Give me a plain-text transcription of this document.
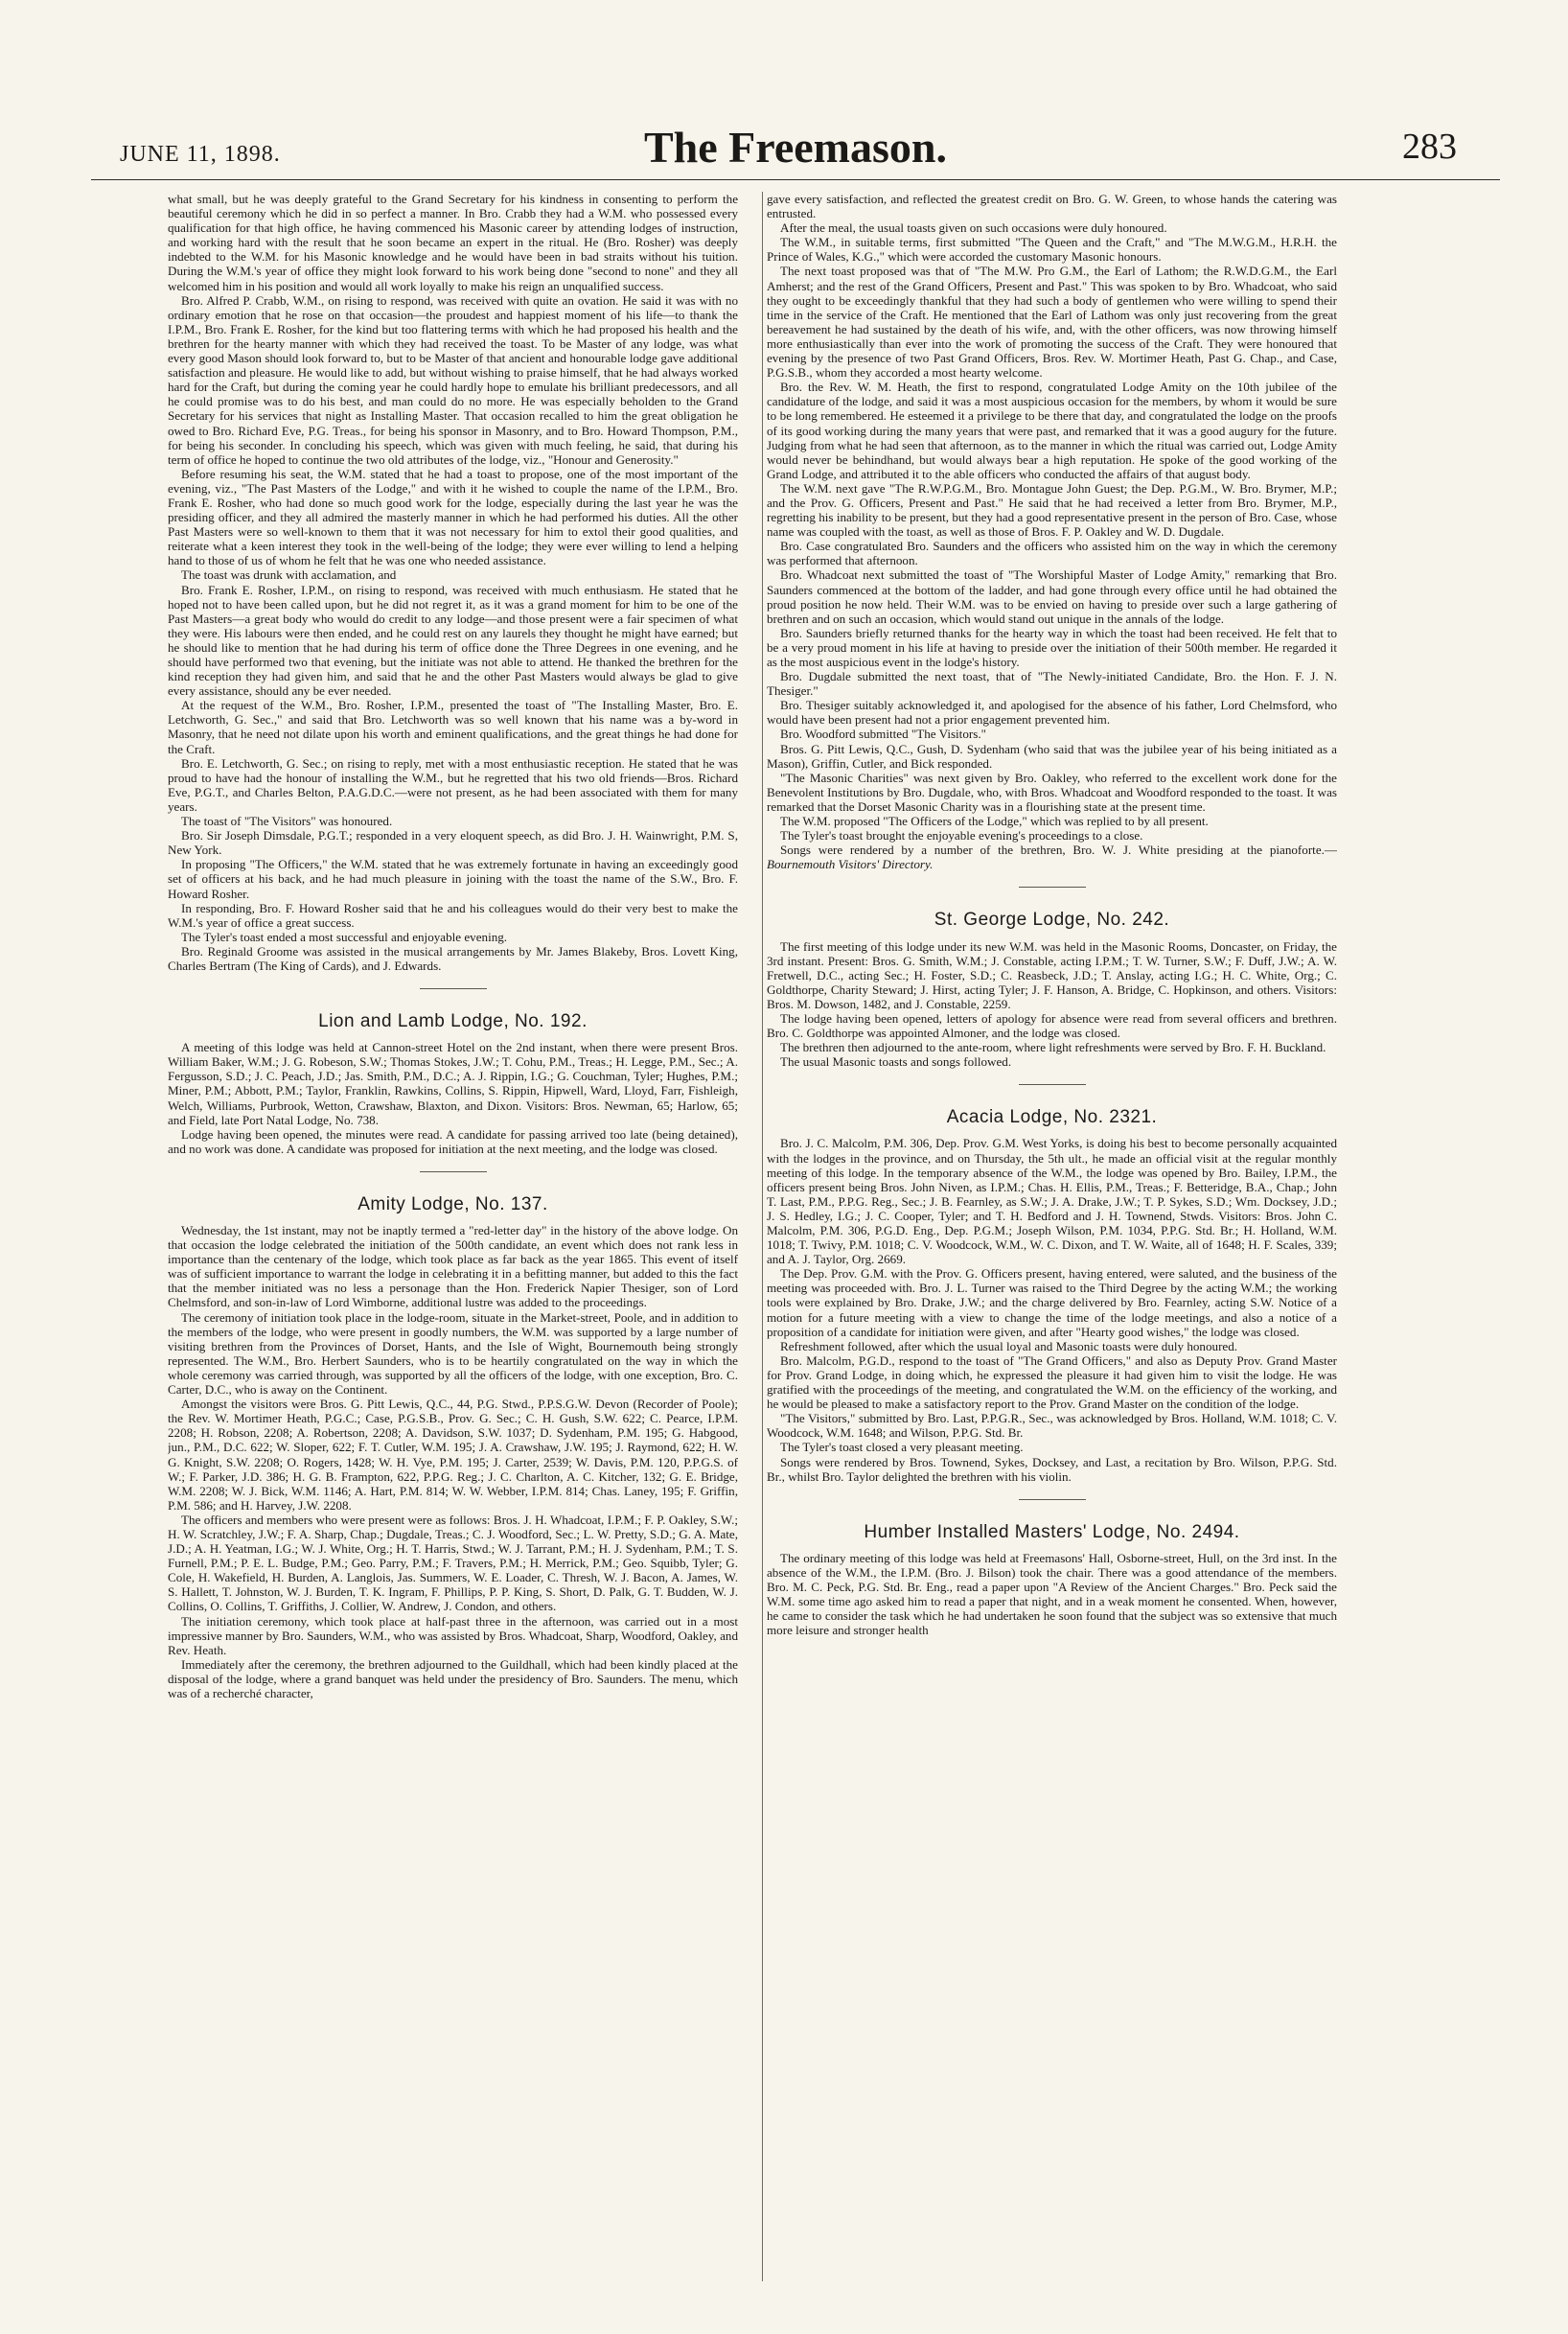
JUNE 11, 1898.	The Freemason.	283

what small, but he was deeply grateful to the Grand Secretary for his kindness in consenting to perform the beautiful ceremony which he did in so perfect a manner. In Bro. Crabb they had a W.M. who possessed every qualification for that high office, he having commenced his Masonic career by attending lodges of instruction, and working hard with the result that he soon became an expert in the ritual. He (Bro. Rosher) was deeply indebted to the W.M. for his Masonic knowledge and he would have been in bad straits without his tuition. During the W.M.'s year of office they might look forward to his work being done "second to none" and they all welcomed him in his position and would all work loyally to make his reign an unqualified success.

Bro. Alfred P. Crabb, W.M., on rising to respond, was received with quite an ovation. He said it was with no ordinary emotion that he rose on that occasion—the proudest and happiest moment of his life—to thank the I.P.M., Bro. Frank E. Rosher, for the kind but too flattering terms with which he had proposed his health and the brethren for the hearty manner with which they had received the toast. To be Master of any lodge, was what every good Mason should look forward to, but to be Master of that ancient and honourable lodge gave additional satisfaction and pleasure. He would like to add, but without wishing to praise himself, that he had always worked hard for the Craft, but during the coming year he could hardly hope to emulate his brilliant predecessors, and all he could promise was to do his best, and man could do no more. He was especially beholden to the Grand Secretary for his services that night as Installing Master. That occasion recalled to him the great obligation he owed to Bro. Richard Eve, P.G. Treas., for being his sponsor in Masonry, and to Bro. Howard Thompson, P.M., for being his seconder. In concluding his speech, which was given with much feeling, he said, that during his term of office he hoped to continue the two old attributes of the lodge, viz., "Honour and Generosity."

Before resuming his seat, the W.M. stated that he had a toast to propose, one of the most important of the evening, viz., "The Past Masters of the Lodge," and with it he wished to couple the name of the I.P.M., Bro. Frank E. Rosher, who had done so much good work for the lodge, especially during the last year he was the presiding officer, and they all admired the masterly manner in which he had performed his duties. All the other Past Masters were so well-known to them that it was not necessary for him to extol their good qualities, and reiterate what a keen interest they took in the well-being of the lodge; they were ever willing to lend a helping hand to those of us of whom he felt that he was one who needed assistance.

The toast was drunk with acclamation, and

Bro. Frank E. Rosher, I.P.M., on rising to respond, was received with much enthusiasm. He stated that he hoped not to have been called upon, but he did not regret it, as it was a grand moment for him to be one of the Past Masters—a great body who would do credit to any lodge—and those present were a fair specimen of what they were. His labours were then ended, and he could rest on any laurels they thought he might have earned; but he should like to mention that he had during his term of office done the Three Degrees in one evening, and he should have performed two that evening, but the initiate was not able to attend. He thanked the brethren for the kind reception they had given him, and said that he and the other Past Masters would always be glad to give every assistance, should any be ever needed.

At the request of the W.M., Bro. Rosher, I.P.M., presented the toast of "The Installing Master, Bro. E. Letchworth, G. Sec.," and said that Bro. Letchworth was so well known that his name was a by-word in Masonry, that he need not dilate upon his worth and eminent qualifications, and the great things he had done for the Craft.

Bro. E. Letchworth, G. Sec.; on rising to reply, met with a most enthusiastic reception. He stated that he was proud to have had the honour of installing the W.M., but he regretted that his two old friends—Bros. Richard Eve, P.G.T., and Charles Belton, P.A.G.D.C.—were not present, as he had been associated with them for many years.

The toast of "The Visitors" was honoured.

Bro. Sir Joseph Dimsdale, P.G.T.; responded in a very eloquent speech, as did Bro. J. H. Wainwright, P.M. S, New York.

In proposing "The Officers," the W.M. stated that he was extremely fortunate in having an exceedingly good set of officers at his back, and he had much pleasure in joining with the toast the name of the S.W., Bro. F. Howard Rosher.

In responding, Bro. F. Howard Rosher said that he and his colleagues would do their very best to make the W.M.'s year of office a great success.

The Tyler's toast ended a most successful and enjoyable evening.

Bro. Reginald Groome was assisted in the musical arrangements by Mr. James Blakeby, Bros. Lovett King, Charles Bertram (The King of Cards), and J. Edwards.

Lion and Lamb Lodge, No. 192.

A meeting of this lodge was held at Cannon-street Hotel on the 2nd instant, when there were present Bros. William Baker, W.M.; J. G. Robeson, S.W.; Thomas Stokes, J.W.; T. Cohu, P.M., Treas.; H. Legge, P.M., Sec.; A. Fergusson, S.D.; J. C. Peach, J.D.; Jas. Smith, P.M., D.C.; A. J. Rippin, I.G.; G. Couchman, Tyler; Hughes, P.M.; Miner, P.M.; Abbott, P.M.; Taylor, Franklin, Rawkins, Collins, S. Rippin, Hipwell, Ward, Lloyd, Farr, Fishleigh, Welch, Williams, Purbrook, Wetton, Crawshaw, Blaxton, and Dixon. Visitors: Bros. Newman, 65; Harlow, 65; and Field, late Port Natal Lodge, No. 738.

Lodge having been opened, the minutes were read. A candidate for passing arrived too late (being detained), and no work was done. A candidate was proposed for initiation at the next meeting, and the lodge was closed.

Amity Lodge, No. 137.

Wednesday, the 1st instant, may not be inaptly termed a "red-letter day" in the history of the above lodge. On that occasion the lodge celebrated the initiation of the 500th candidate, an event which does not rank less in importance than the centenary of the lodge, which took place as far back as the year 1865. This event of itself was of sufficient importance to warrant the lodge in celebrating it in a befitting manner, but added to this the fact that the member initiated was no less a personage than the Hon. Frederick Napier Thesiger, son of Lord Chelmsford, and son-in-law of Lord Wimborne, additional lustre was added to the proceedings.

The ceremony of initiation took place in the lodge-room, situate in the Market-street, Poole, and in addition to the members of the lodge, who were present in goodly numbers, the W.M. was supported by a large number of visiting brethren from the Provinces of Dorset, Hants, and the Isle of Wight, Bournemouth being strongly represented. The W.M., Bro. Herbert Saunders, who is to be heartily congratulated on the way in which the whole ceremony was carried through, was supported by all the officers of the lodge, with one exception, Bro. C. Carter, D.C., who is away on the Continent.

Amongst the visitors were Bros. G. Pitt Lewis, Q.C., 44, P.G. Stwd., P.P.S.G.W. Devon (Recorder of Poole); the Rev. W. Mortimer Heath, P.G.C.; Case, P.G.S.B., Prov. G. Sec.; C. H. Gush, S.W. 622; C. Pearce, I.P.M. 2208; H. Robson, 2208; A. Robertson, 2208; A. Davidson, S.W. 1037; D. Sydenham, P.M. 195; G. Habgood, jun., P.M., D.C. 622; W. Sloper, 622; F. T. Cutler, W.M. 195; J. A. Crawshaw, J.W. 195; J. Raymond, 622; H. W. G. Knight, S.W. 2208; O. Rogers, 1428; W. H. Vye, P.M. 195; J. Carter, 2539; W. Davis, P.M. 120, P.P.G.S. of W.; F. Parker, J.D. 386; H. G. B. Frampton, 622, P.P.G. Reg.; J. C. Charlton, A. C. Kitcher, 132; G. E. Bridge, W.M. 2208; W. J. Bick, W.M. 1146; A. Hart, P.M. 814; W. W. Webber, I.P.M. 814; Chas. Laney, 195; F. Griffin, P.M. 586; and H. Harvey, J.W. 2208.

The officers and members who were present were as follows: Bros. J. H. Whadcoat, I.P.M.; F. P. Oakley, S.W.; H. W. Scratchley, J.W.; F. A. Sharp, Chap.; Dugdale, Treas.; C. J. Woodford, Sec.; L. W. Pretty, S.D.; G. A. Mate, J.D.; A. H. Yeatman, I.G.; W. J. White, Org.; H. T. Harris, Stwd.; W. J. Tarrant, P.M.; H. J. Sydenham, P.M.; T. S. Furnell, P.M.; P. E. L. Budge, P.M.; Geo. Parry, P.M.; F. Travers, P.M.; H. Merrick, P.M.; Geo. Squibb, Tyler; G. Cole, H. Wakefield, H. Burden, A. Langlois, Jas. Summers, W. E. Loader, C. Thresh, W. J. Bacon, A. James, W. S. Hallett, T. Johnston, W. J. Burden, T. K. Ingram, F. Phillips, P. P. King, S. Short, D. Palk, G. T. Budden, W. J. Collins, O. Collins, T. Griffiths, J. Collier, W. Andrew, J. Condon, and others.

The initiation ceremony, which took place at half-past three in the afternoon, was carried out in a most impressive manner by Bro. Saunders, W.M., who was assisted by Bros. Whadcoat, Sharp, Woodford, Oakley, and Rev. Heath.

Immediately after the ceremony, the brethren adjourned to the Guildhall, which had been kindly placed at the disposal of the lodge, where a grand banquet was held under the presidency of Bro. Saunders. The menu, which was of a recherché character,

gave every satisfaction, and reflected the greatest credit on Bro. G. W. Green, to whose hands the catering was entrusted.

After the meal, the usual toasts given on such occasions were duly honoured.

The W.M., in suitable terms, first submitted "The Queen and the Craft," and "The M.W.G.M., H.R.H. the Prince of Wales, K.G.," which were accorded the customary Masonic honours.

The next toast proposed was that of "The M.W. Pro G.M., the Earl of Lathom; the R.W.D.G.M., the Earl Amherst; and the rest of the Grand Officers, Present and Past." This was spoken to by Bro. Whadcoat, who said they ought to be exceedingly thankful that they had such a body of gentlemen who were willing to spend their time in the service of the Craft. He mentioned that the Earl of Lathom was only just recovering from the great bereavement he had sustained by the death of his wife, and, with the other officers, was now throwing himself more enthusiastically than ever into the work of promoting the success of the Craft. They were honoured that evening by the presence of two Past Grand Officers, Bros. Rev. W. Mortimer Heath, Past G. Chap., and Case, P.G.S.B., whom they accorded a most hearty welcome.

Bro. the Rev. W. M. Heath, the first to respond, congratulated Lodge Amity on the 10th jubilee of the candidature of the lodge, and said it was a most auspicious occasion for the members, by whom it would be sure to be long remembered. He esteemed it a privilege to be there that day, and congratulated the lodge on the proofs of its good working during the many years that were past, and remarked that it was a good augury for the future. Judging from what he had seen that afternoon, as to the manner in which the ritual was carried out, Lodge Amity would never be behindhand, but would always bear a high reputation. He spoke of the good working of the Grand Lodge, and attributed it to the able officers who conducted the affairs of that august body.

The W.M. next gave "The R.W.P.G.M., Bro. Montague John Guest; the Dep. P.G.M., W. Bro. Brymer, M.P.; and the Prov. G. Officers, Present and Past." He said that he had received a letter from Bro. Brymer, M.P., regretting his inability to be present, but they had a good representative present in the person of Bro. Case, whose name was coupled with the toast, as well as those of Bros. F. P. Oakley and W. D. Dugdale.

Bro. Case congratulated Bro. Saunders and the officers who assisted him on the way in which the ceremony was performed that afternoon.

Bro. Whadcoat next submitted the toast of "The Worshipful Master of Lodge Amity," remarking that Bro. Saunders commenced at the bottom of the ladder, and had gone through every office until he had obtained the proud position he now held. Their W.M. was to be envied on having to preside over such a large gathering of brethren and on such an occasion, which would stand out unique in the annals of the lodge.

Bro. Saunders briefly returned thanks for the hearty way in which the toast had been received. He felt that to be a very proud moment in his life at having to preside over the initiation of their 500th member. He regarded it as the most auspicious event in the lodge's history.

Bro. Dugdale submitted the next toast, that of "The Newly-initiated Candidate, Bro. the Hon. F. J. N. Thesiger."

Bro. Thesiger suitably acknowledged it, and apologised for the absence of his father, Lord Chelmsford, who would have been present had not a prior engagement prevented him.

Bro. Woodford submitted "The Visitors."

Bros. G. Pitt Lewis, Q.C., Gush, D. Sydenham (who said that was the jubilee year of his being initiated as a Mason), Griffin, Cutler, and Bick responded.

"The Masonic Charities" was next given by Bro. Oakley, who referred to the excellent work done for the Benevolent Institutions by Bro. Dugdale, who, with Bros. Whadcoat and Woodford responded to the toast. It was remarked that the Dorset Masonic Charity was in a flourishing state at the present time.

The W.M. proposed "The Officers of the Lodge," which was replied to by all present.

The Tyler's toast brought the enjoyable evening's proceedings to a close.

Songs were rendered by a number of the brethren, Bro. W. J. White presiding at the pianoforte.—Bournemouth Visitors' Directory.

St. George Lodge, No. 242.

The first meeting of this lodge under its new W.M. was held in the Masonic Rooms, Doncaster, on Friday, the 3rd instant. Present: Bros. G. Smith, W.M.; J. Constable, acting I.P.M.; T. W. Turner, S.W.; F. Duff, J.W.; A. W. Fretwell, D.C., acting Sec.; H. Foster, S.D.; C. Reasbeck, J.D.; T. Anslay, acting I.G.; H. C. White, Org.; C. Goldthorpe, Charity Steward; J. Hirst, acting Tyler; J. F. Hanson, A. Bridge, C. Hopkinson, and others. Visitors: Bros. M. Dowson, 1482, and J. Constable, 2259.

The lodge having been opened, letters of apology for absence were read from several officers and brethren. Bro. C. Goldthorpe was appointed Almoner, and the lodge was closed.

The brethren then adjourned to the ante-room, where light refreshments were served by Bro. F. H. Buckland.

The usual Masonic toasts and songs followed.

Acacia Lodge, No. 2321.

Bro. J. C. Malcolm, P.M. 306, Dep. Prov. G.M. West Yorks, is doing his best to become personally acquainted with the lodges in the province, and on Thursday, the 5th ult., he made an official visit at the regular monthly meeting of this lodge. In the temporary absence of the W.M., the lodge was opened by Bro. Bailey, I.P.M., the officers present being Bros. John Niven, as I.P.M.; Chas. H. Ellis, P.M., Treas.; F. Betteridge, B.A., Chap.; John T. Last, P.M., P.P.G. Reg., Sec.; J. B. Fearnley, as S.W.; J. A. Drake, J.W.; T. P. Sykes, S.D.; Wm. Docksey, J.D.; J. S. Hedley, I.G.; J. C. Cooper, Tyler; and T. H. Bedford and J. H. Townend, Stwds. Visitors: Bros. John C. Malcolm, P.M. 306, P.G.D. Eng., Dep. P.G.M.; Joseph Wilson, P.M. 1034, P.P.G. Std. Br.; H. Holland, W.M. 1018; T. Twivy, P.M. 1018; C. V. Woodcock, W.M., W. C. Dixon, and T. W. Waite, all of 1648; H. F. Scales, 339; and A. J. Taylor, Org. 2669.

The Dep. Prov. G.M. with the Prov. G. Officers present, having entered, were saluted, and the business of the meeting was proceeded with. Bro. J. L. Turner was raised to the Third Degree by the acting W.M.; the working tools were explained by Bro. Drake, J.W.; and the charge delivered by Bro. Fearnley, acting S.W. Notice of a motion for a future meeting with a view to change the time of the lodge meetings, and also a notice of a proposition of a candidate for initiation were given, and after "Hearty good wishes," the lodge was closed.

Refreshment followed, after which the usual loyal and Masonic toasts were duly honoured.

Bro. Malcolm, P.G.D., respond to the toast of "The Grand Officers," and also as Deputy Prov. Grand Master for Prov. Grand Lodge, in doing which, he expressed the pleasure it had given him to visit the lodge. He was gratified with the proceedings of the meeting, and congratulated the W.M. on the efficiency of the working, and he would be pleased to make a satisfactory report to the Prov. Grand Master on the condition of the lodge.

"The Visitors," submitted by Bro. Last, P.P.G.R., Sec., was acknowledged by Bros. Holland, W.M. 1018; C. V. Woodcock, W.M. 1648; and Wilson, P.P.G. Std. Br.

The Tyler's toast closed a very pleasant meeting.

Songs were rendered by Bros. Townend, Sykes, Docksey, and Last, a recitation by Bro. Wilson, P.P.G. Std. Br., whilst Bro. Taylor delighted the brethren with his violin.

Humber Installed Masters' Lodge, No. 2494.

The ordinary meeting of this lodge was held at Freemasons' Hall, Osborne-street, Hull, on the 3rd inst. In the absence of the W.M., the I.P.M. (Bro. J. Bilson) took the chair. There was a good attendance of the members. Bro. M. C. Peck, P.G. Std. Br. Eng., read a paper upon "A Review of the Ancient Charges." Bro. Peck said the W.M. some time ago asked him to read a paper that night, and in a weak moment he consented. When, however, he came to consider the task which he had undertaken he soon found that the subject was so extensive that much more leisure and stronger health
